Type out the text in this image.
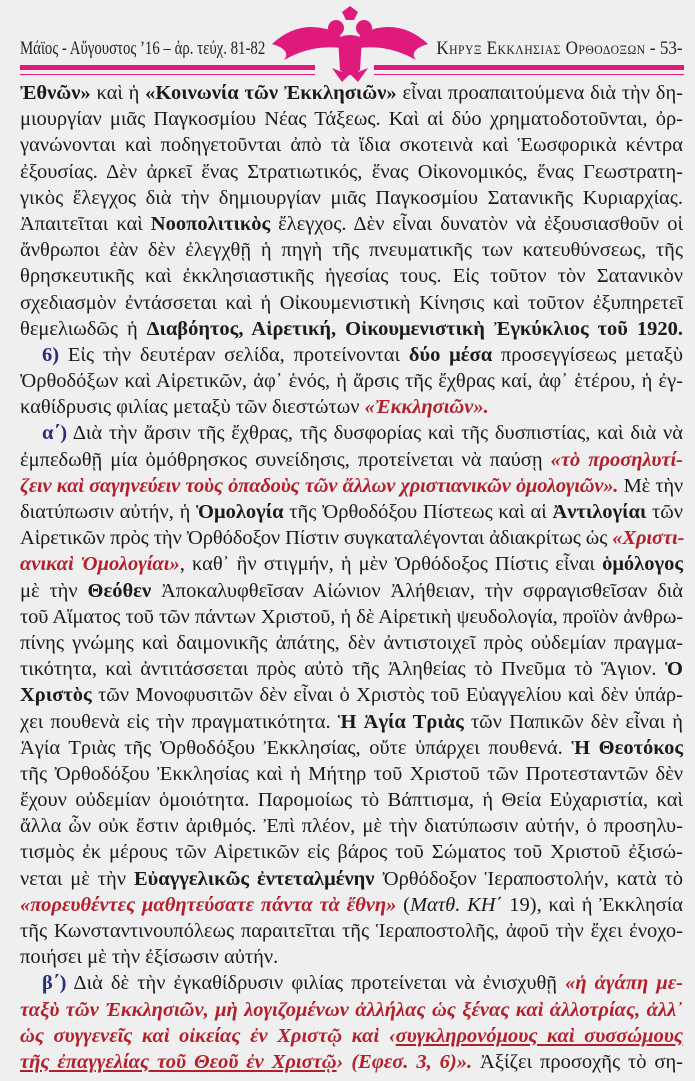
Μάϊος - Αὔγουστος ’16 – ἀρ. τεύχ. 81-82	Κηρυξ Εκκλησιας Ορθοδοξων - 53-
Ἐθνῶν» καὶ ἡ «Κοινωνία τῶν Ἐκκλησιῶν» εἶναι προαπαιτούμενα διὰ τὴν δη-
μιουργίαν μιᾶς Παγκοσμίου Νέας Τάξεως. Καὶ αἱ δύο χρηματοδοτοῦνται, ὀρ-
γανώνονται καὶ ποδηγετοῦνται ἀπὸ τὰ ἴδια σκοτεινὰ καὶ Ἑωσφορικὰ κέντρα
ἐξουσίας. Δὲν ἀρκεῖ ἕνας Στρατιωτικός, ἕνας Οἰκονομικός, ἕνας Γεωστρατη-
γικὸς ἔλεγχος διὰ τὴν δημιουργίαν μιᾶς Παγκοσμίου Σατανικῆς Κυριαρχίας.
Ἀπαιτεῖται καὶ Νοοπολιτικὸς ἔλεγχος. Δὲν εἶναι δυνατὸν νὰ ἐξουσιασθοῦν οἱ
ἄνθρωποι ἐὰν δὲν ἐλεγχθῇ ἡ πηγὴ τῆς πνευματικῆς των κατευθύνσεως, τῆς
θρησκευτικῆς καὶ ἐκκλησιαστικῆς ἡγεσίας τους. Εἰς τοῦτον τὸν Σατανικὸν
σχεδιασμὸν ἐντάσσεται καὶ ἡ Οἰκουμενιστικὴ Κίνησις καὶ τοῦτον ἐξυπηρετεῖ
θεμελιωδῶς ἡ Διαβόητος, Αἱρετική, Οἰκουμενιστικὴ Ἐγκύκλιος τοῦ 1920.
6) Εἰς τὴν δευτέραν σελίδα, προτείνονται δύο μέσα προσεγγίσεως μεταξὺ
Ὀρθοδόξων καὶ Αἱρετικῶν, ἀφ᾽ ἑνός, ἡ ἄρσις τῆς ἔχθρας καί, ἀφ᾽ ἑτέρου, ἡ ἐγ-
καθίδρυσις φιλίας μεταξὺ τῶν διεστώτων «Ἐκκλησιῶν».
α΄) Διὰ τὴν ἄρσιν τῆς ἔχθρας, τῆς δυσφορίας καὶ τῆς δυσπιστίας, καὶ διὰ νὰ
ἐμπεδωθῇ μία ὁμόθρησκος συνείδησις, προτείνεται νὰ παύσῃ «τὸ προσηλυτί-
ζειν καὶ σαγηνεύειν τοὺς ὀπαδοὺς τῶν ἄλλων χριστιανικῶν ὁμολογιῶν». Μὲ τὴν
διατύπωσιν αὐτήν, ἡ Ὁμολογία τῆς Ὀρθοδόξου Πίστεως καὶ αἱ Ἀντιλογίαι τῶν
Αἱρετικῶν πρὸς τὴν Ὀρθόδοξον Πίστιν συγκαταλέγονται ἀδιακρίτως ὡς «Χριστι-
ανικαὶ Ὁμολογίαι», καθ᾽ ἣν στιγμήν, ἡ μὲν Ὀρθόδοξος Πίστις εἶναι ὁμόλογος
μὲ τὴν Θεόθεν Ἀποκαλυφθεῖσαν Αἰώνιον Ἀλήθειαν, τὴν σφραγισθεῖσαν διὰ
τοῦ Αἵματος τοῦ τῶν πάντων Χριστοῦ, ἡ δὲ Αἱρετικὴ ψευδολογία, προϊὸν ἀνθρω-
πίνης γνώμης καὶ δαιμονικῆς ἀπάτης, δὲν ἀντιστοιχεῖ πρὸς οὐδεμίαν πραγμα-
τικότητα, καὶ ἀντιτάσσεται πρὸς αὐτὸ τῆς Ἀληθείας τὸ Πνεῦμα τὸ Ἅγιον. Ὁ
Χριστὸς τῶν Μονοφυσιτῶν δὲν εἶναι ὁ Χριστὸς τοῦ Εὐαγγελίου καὶ δὲν ὑπάρ-
χει πουθενὰ εἰς τὴν πραγματικότητα. Ἡ Ἁγία Τριὰς τῶν Παπικῶν δὲν εἶναι ἡ
Ἁγία Τριὰς τῆς Ὀρθοδόξου Ἐκκλησίας, οὔτε ὑπάρχει πουθενά. Ἡ Θεοτόκος
τῆς Ὀρθοδόξου Ἐκκλησίας καὶ ἡ Μήτηρ τοῦ Χριστοῦ τῶν Προτεσταντῶν δὲν
ἔχουν οὐδεμίαν ὁμοιότητα. Παρομοίως τὸ Βάπτισμα, ἡ Θεία Εὐχαριστία, καὶ
ἄλλα ὧν οὐκ ἔστιν ἀριθμός. Ἐπὶ πλέον, μὲ τὴν διατύπωσιν αὐτήν, ὁ προσηλυ-
τισμὸς ἐκ μέρους τῶν Αἱρετικῶν εἰς βάρος τοῦ Σώματος τοῦ Χριστοῦ ἐξισώ-
νεται μὲ τὴν Εὐαγγελικῶς ἐντεταλμένην Ὀρθόδοξον Ἱεραποστολήν, κατὰ τὸ
«πορευθέντες μαθητεύσατε πάντα τὰ ἔθνη» (Ματθ. ΚΗ΄ 19), καὶ ἡ Ἐκκλησία
τῆς Κωνσταντινουπόλεως παραιτεῖται τῆς Ἱεραποστολῆς, ἀφοῦ τὴν ἔχει ἐνοχο-
ποιήσει μὲ τὴν ἐξίσωσιν αὐτήν.
β΄) Διὰ δὲ τὴν ἐγκαθίδρυσιν φιλίας προτείνεται νὰ ἐνισχυθῇ «ἡ ἀγάπη με-
ταξὺ τῶν Ἐκκλησιῶν, μὴ λογιζομένων ἀλλήλας ὡς ξένας καὶ ἀλλοτρίας, ἀλλ᾽
ὡς συγγενεῖς καὶ οἰκείας ἐν Χριστῷ καὶ ‹συγκληρονόμους καὶ συσσώμους
τῆς ἐπαγγελίας τοῦ Θεοῦ ἐν Χριστῷ› (Εφεσ. 3, 6)». Ἀξίζει προσοχῆς τὸ ση-
